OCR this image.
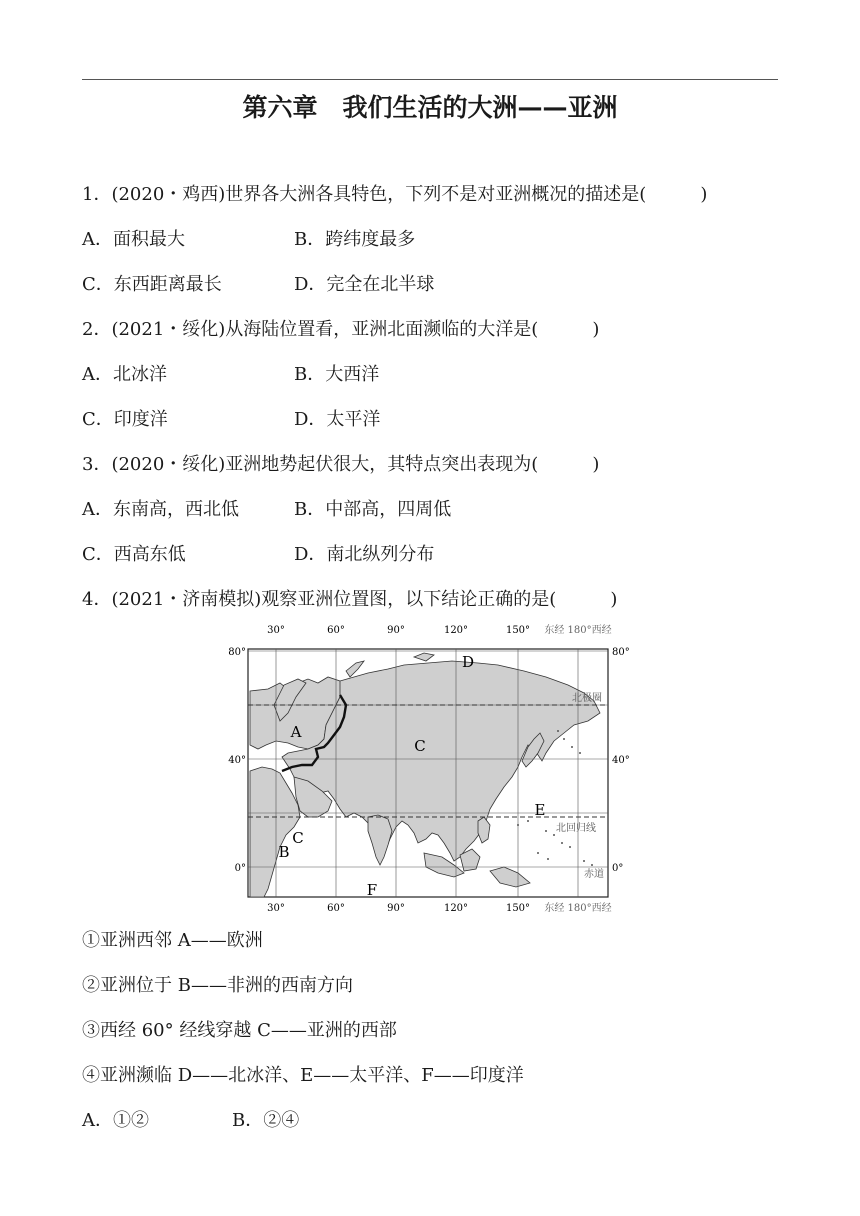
第六章　我们生活的大洲——亚洲
1．(2020・鸡西)世界各大洲各具特色，下列不是对亚洲概况的描述是(　　　)
A．面积最大	B．跨纬度最多
C．东西距离最长	D．完全在北半球
2．(2021・绥化)从海陆位置看，亚洲北面濒临的大洋是(　　　)
A．北冰洋	B．大西洋
C．印度洋	D．太平洋
3．(2020・绥化)亚洲地势起伏很大，其特点突出表现为(　　　)
A．东南高，西北低	B．中部高，四周低
C．西高东低	D．南北纵列分布
4．(2021・济南模拟)观察亚洲位置图，以下结论正确的是(　　　)
30°	60°	90°	120°	150° 东经 180°西经
30°	60°	90°	120°	150° 东经 180°西经
80°
40°
0°
80°
40°
0°
北极圈
北回归线
赤道
D
A
C
C
E
B
F
①亚洲西邻 A——欧洲
②亚洲位于 B——非洲的西南方向
③西经 60° 经线穿越 C——亚洲的西部
④亚洲濒临 D——北冰洋、E——太平洋、F——印度洋
A．①②	B．②④
